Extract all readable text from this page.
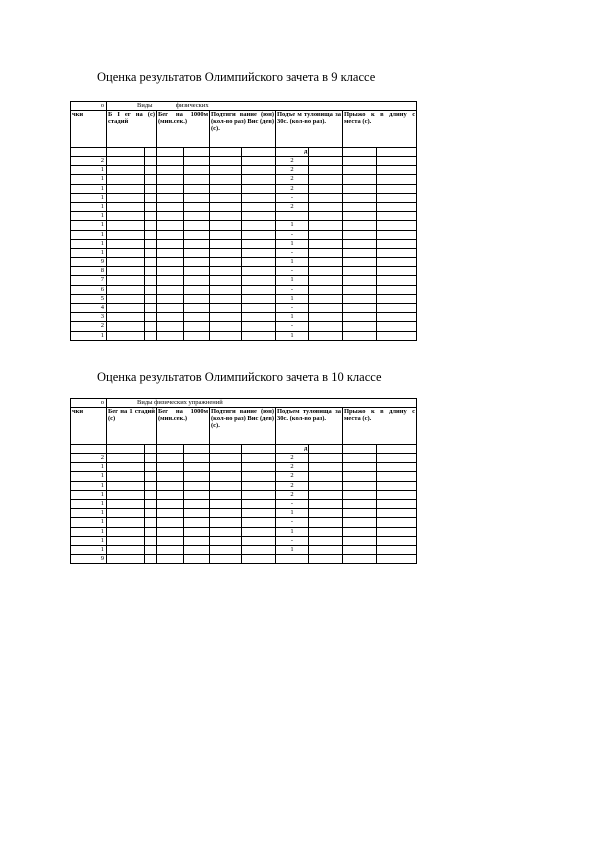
Оценка результатов Олимпийского зачета в 9 классе
о	Виды физических									
чки	Б I ег на (с) стадий		Бег на 1000м (мин.сек.)		Подтяги вание (юн) (кол-во раз) Вис (дев) (с).		Подъе м туловища за 30с. (кол-во раз).		Прыжо к в длину с места (с).	
							д			
2							2			
1							2			
1							2			
1							2			
1							-			
1							2			
1										
1							1			
1							-			
1							1			
1							-			
9							1			
8							-			
7							1			
6							-			
5							1			
4							-			
3							1			
2							-			
1							1			
Оценка результатов Олимпийского зачета в 10 классе
о	Виды физических упражнений									
чки	Бег на 1 стадий (с)		Бег на 1000м (мин.сек.)		Подтяги вание (юн) (кол-во раз) Вис (дев) (с).		Подъем туловища за 30с. (кол-во раз).		Прыжо к в длину с места (с).	
							д			
2							2			
1							2			
1							2			
1							2			
1							2			
1							-			
1							1			
1							-			
1							1			
1							-			
1							1			
9										
